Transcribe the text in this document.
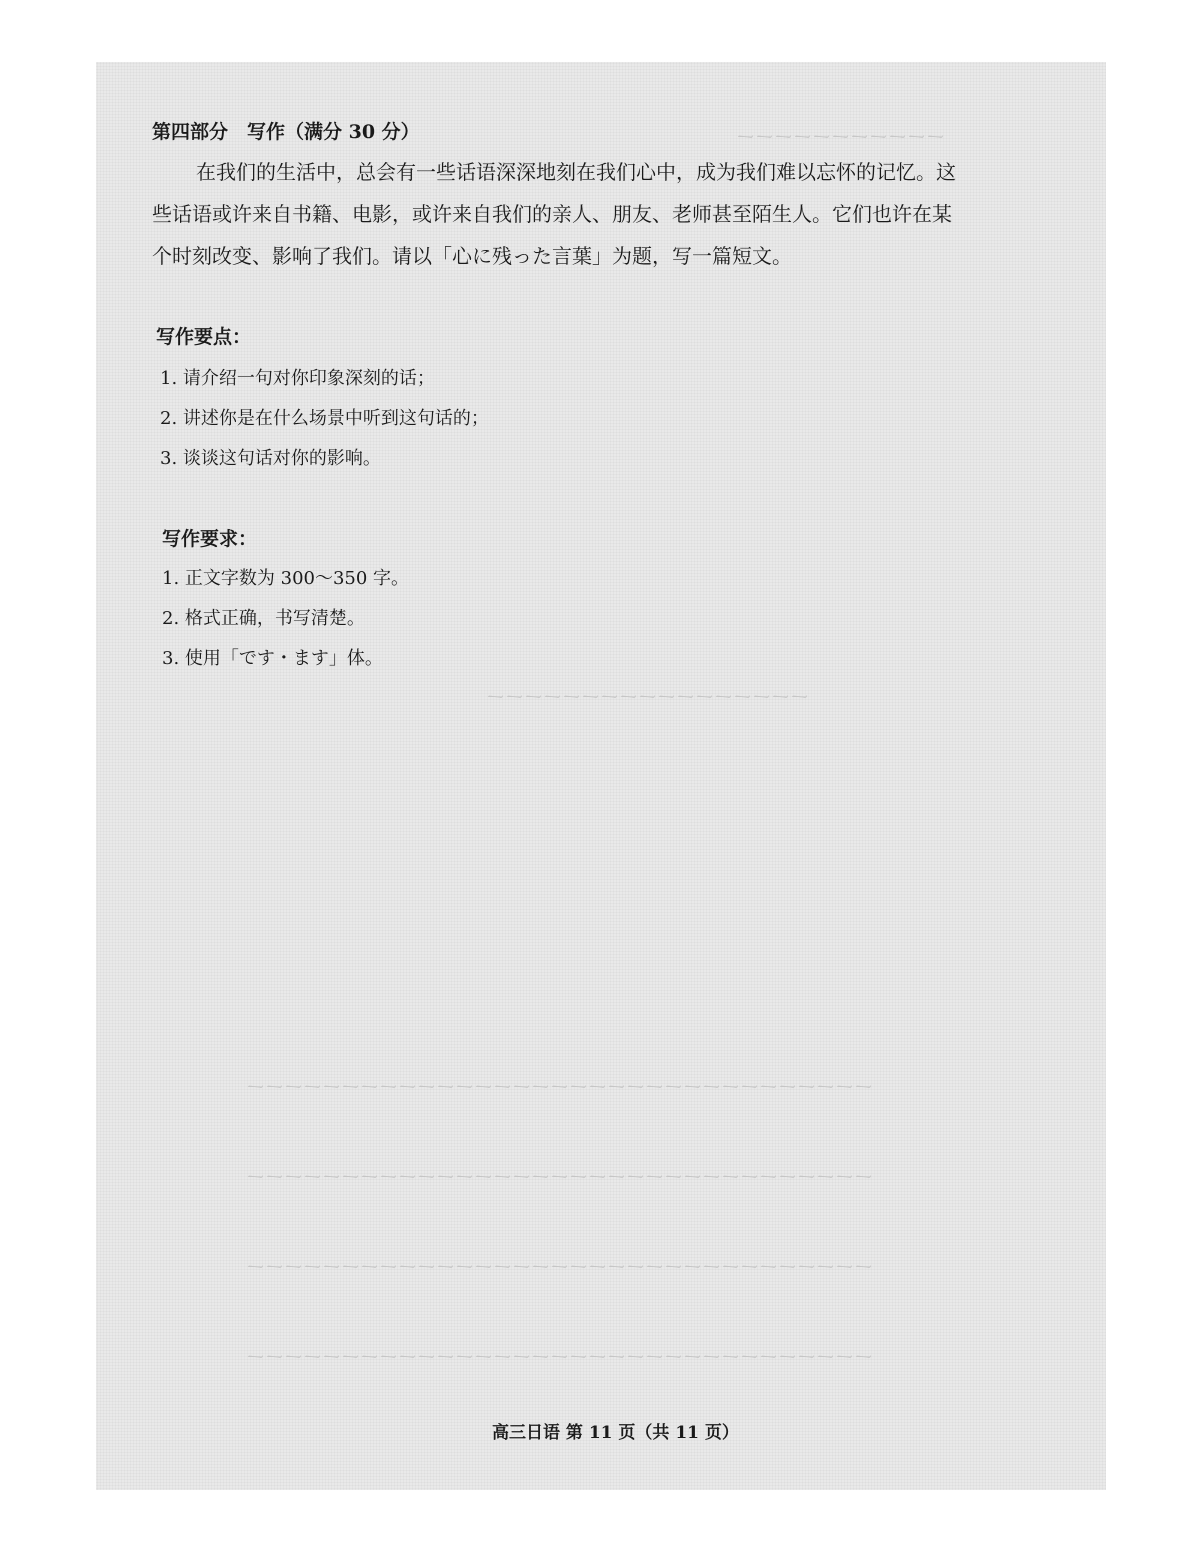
ーーーーーーーーーーー
ーーーーーーーーーーーーーーーーー
ーーーーーーーーーーーーーーーーーーーーーーーーーーーーーーーーー
ーーーーーーーーーーーーーーーーーーーーーーーーーーーーーーーーー
ーーーーーーーーーーーーーーーーーーーーーーーーーーーーーーーーー
ーーーーーーーーーーーーーーーーーーーーーーーーーーーーーーーーー
第四部分　写作（满分 30 分）
在我们的生活中，总会有一些话语深深地刻在我们心中，成为我们难以忘怀的记忆。这
些话语或许来自书籍、电影，或许来自我们的亲人、朋友、老师甚至陌生人。它们也许在某
个时刻改变、影响了我们。请以「心に残った言葉」为题，写一篇短文。
写作要点：
1. 请介绍一句对你印象深刻的话；
2. 讲述你是在什么场景中听到这句话的；
3. 谈谈这句话对你的影响。
写作要求：
1. 正文字数为 300～350 字。
2. 格式正确，书写清楚。
3. 使用「です・ます」体。
高三日语 第 11 页（共 11 页）
